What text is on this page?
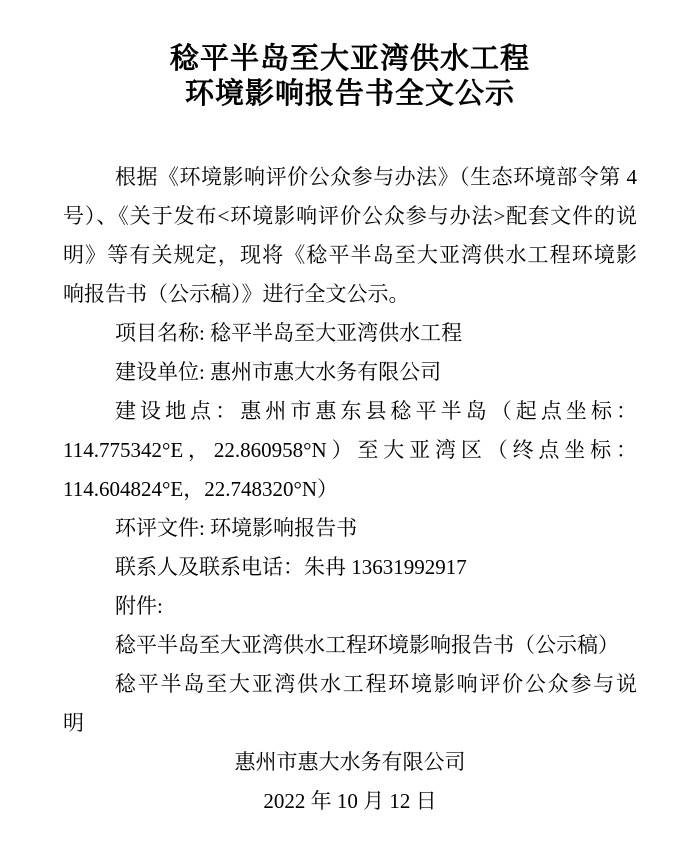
稔平半岛至大亚湾供水工程
环境影响报告书全文公示
根据《环境影响评价公众参与办法》（生态环境部令第 4
号）、《关于发布<环境影响评价公众参与办法>配套文件的说
明》等有关规定，现将《稔平半岛至大亚湾供水工程环境影
响报告书（公示稿）》进行全文公示。
项目名称: 稔平半岛至大亚湾供水工程
建设单位: 惠州市惠大水务有限公司
建设地点：惠州市惠东县稔平半岛（起点坐标：
114.775342°E，22.860958°N）至大亚湾区（终点坐标：
114.604824°E，22.748320°N）
环评文件: 环境影响报告书
联系人及联系电话：朱冉 13631992917
附件:
稔平半岛至大亚湾供水工程环境影响报告书（公示稿）
稔平半岛至大亚湾供水工程环境影响评价公众参与说
明
惠州市惠大水务有限公司
2022 年 10 月 12 日
